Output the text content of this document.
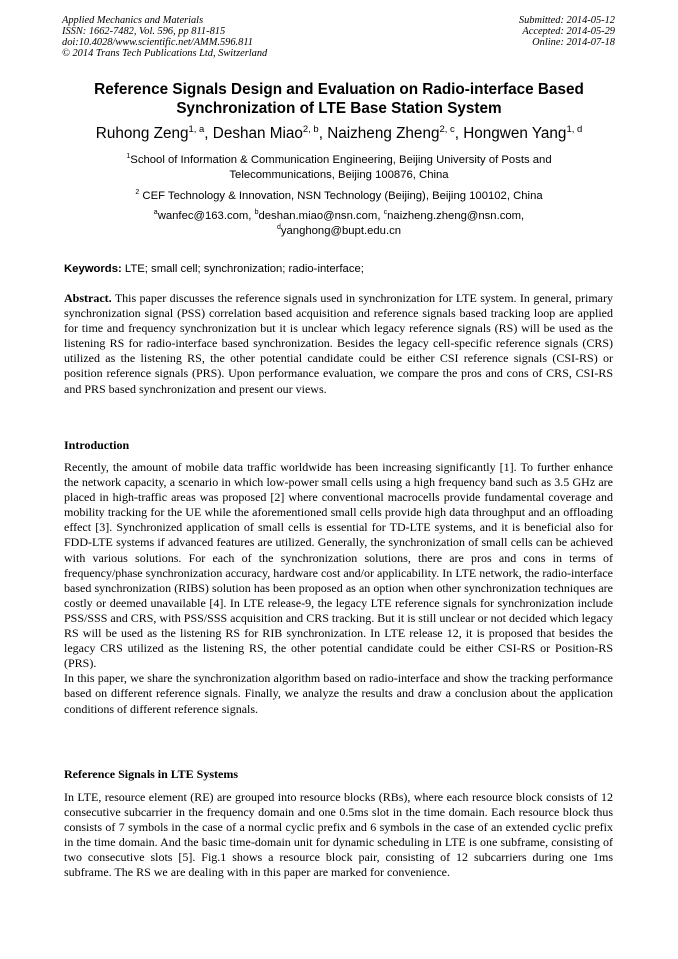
Applied Mechanics and Materials
ISSN: 1662-7482, Vol. 596, pp 811-815
doi:10.4028/www.scientific.net/AMM.596.811
© 2014 Trans Tech Publications Ltd, Switzerland
Submitted: 2014-05-12
Accepted: 2014-05-29
Online: 2014-07-18
Reference Signals Design and Evaluation on Radio-interface Based
Synchronization of LTE Base Station System
Ruhong Zeng$^{1, a}$, Deshan Miao$^{2, b}$, Naizheng Zheng$^{2, c}$, Hongwen Yang$^{1, d}$
$^1$School of Information & Communication Engineering, Beijing University of Posts and
Telecommunications, Beijing 100876, China
$^2$ CEF Technology & Innovation, NSN Technology (Beijing), Beijing 100102, China
$^a$wanfec@163.com, $^b$deshan.miao@nsn.com, $^c$naizheng.zheng@nsn.com,
$^d$yanghong@bupt.edu.cn
Keywords: LTE; small cell; synchronization; radio-interface;

Abstract. This paper discusses the reference signals used in synchronization for LTE system. In general, primary synchronization signal (PSS) correlation based acquisition and reference signals based tracking loop are applied for time and frequency synchronization but it is unclear which legacy reference signals (RS) will be used as the listening RS for radio-interface based synchronization. Besides the legacy cell-specific reference signals (CRS) utilized as the listening RS, the other potential candidate could be either CSI reference signals (CSI-RS) or position reference signals (PRS). Upon performance evaluation, we compare the pros and cons of CRS, CSI-RS and PRS based synchronization and present our views.

Introduction
Recently, the amount of mobile data traffic worldwide has been increasing significantly [1]. To further enhance the network capacity, a scenario in which low-power small cells using a high frequency band such as 3.5 GHz are placed in high-traffic areas was proposed [2] where conventional macrocells provide fundamental coverage and mobility tracking for the UE while the aforementioned small cells provide high data throughput and an offloading effect [3]. Synchronized application of small cells is essential for TD-LTE systems, and it is beneficial also for FDD-LTE systems if advanced features are utilized. Generally, the synchronization of small cells can be achieved with various solutions. For each of the synchronization solutions, there are pros and cons in terms of frequency/phase synchronization accuracy, hardware cost and/or applicability. In LTE network, the radio-interface based synchronization (RIBS) solution has been proposed as an option when other synchronization techniques are costly or deemed unavailable [4]. In LTE release-9, the legacy LTE reference signals for synchronization include PSS/SSS and CRS, with PSS/SSS acquisition and CRS tracking. But it is still unclear or not decided which legacy RS will be used as the listening RS for RIB synchronization. In LTE release 12, it is proposed that besides the legacy CRS utilized as the listening RS, the other potential candidate could be either CSI-RS or Position-RS (PRS).
In this paper, we share the synchronization algorithm based on radio-interface and show the tracking performance based on different reference signals. Finally, we analyze the results and draw a conclusion about the application conditions of different reference signals.
Reference Signals in LTE Systems

In LTE, resource element (RE) are grouped into resource blocks (RBs), where each resource block consists of 12 consecutive subcarrier in the frequency domain and one 0.5ms slot in the time domain. Each resource block thus consists of 7 symbols in the case of a normal cyclic prefix and 6 symbols in the case of an extended cyclic prefix in the time domain. And the basic time-domain unit for dynamic scheduling in LTE is one subframe, consisting of two consecutive slots [5]. Fig.1 shows a resource block pair, consisting of 12 subcarriers during one 1ms subframe. The RS we are dealing with in this paper are marked for convenience.
